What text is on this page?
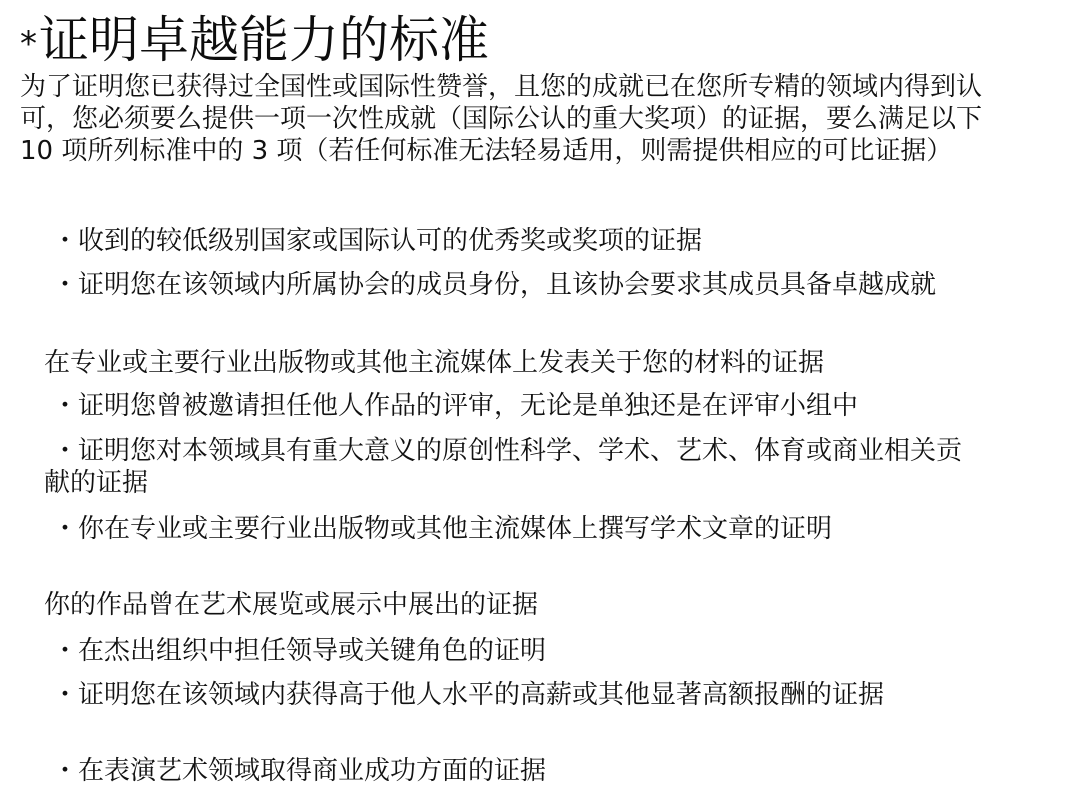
*证明卓越能力的标准
为了证明您已获得过全国性或国际性赞誉，且您的成就已在您所专精的领域内得到认
可，您必须要么提供一项一次性成就（国际公认的重大奖项）的证据，要么满足以下
10 项所列标准中的 3 项（若任何标准无法轻易适用，则需提供相应的可比证据）
・收到的较低级别国家或国际认可的优秀奖或奖项的证据
・证明您在该领域内所属协会的成员身份，且该协会要求其成员具备卓越成就
在专业或主要行业出版物或其他主流媒体上发表关于您的材料的证据
・证明您曾被邀请担任他人作品的评审，无论是单独还是在评审小组中
・证明您对本领域具有重大意义的原创性科学、学术、艺术、体育或商业相关贡
献的证据
・你在专业或主要行业出版物或其他主流媒体上撰写学术文章的证明
你的作品曾在艺术展览或展示中展出的证据
・在杰出组织中担任领导或关键角色的证明
・证明您在该领域内获得高于他人水平的高薪或其他显著高额报酬的证据
・在表演艺术领域取得商业成功方面的证据
